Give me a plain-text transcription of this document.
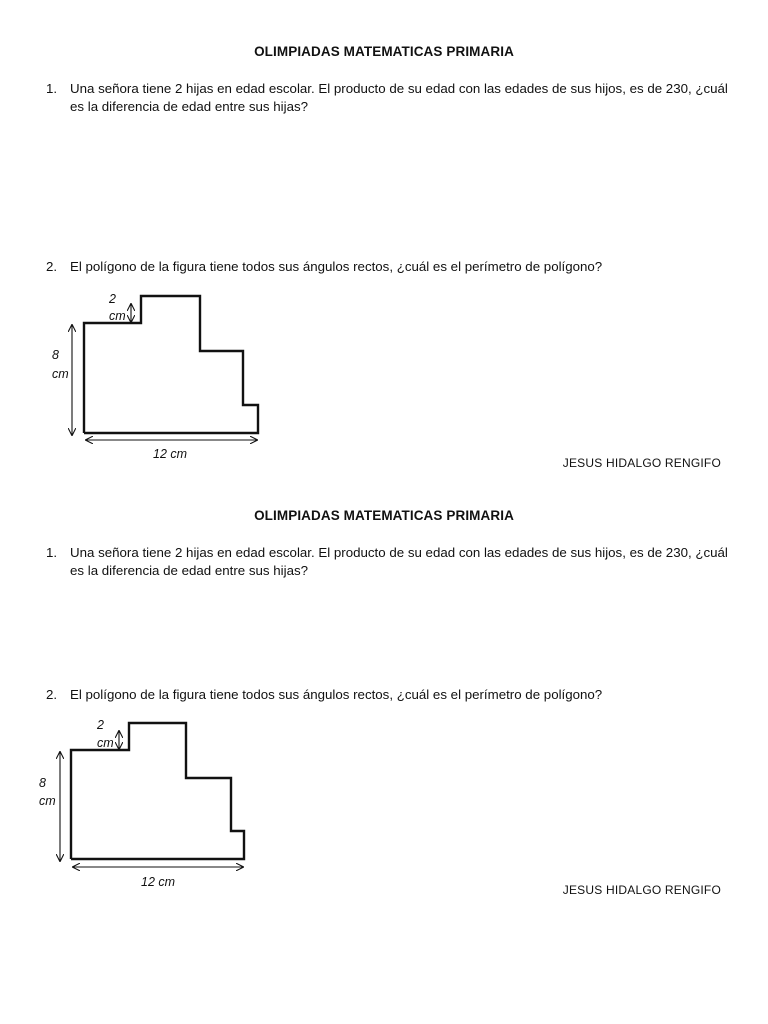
OLIMPIADAS MATEMATICAS PRIMARIA
1. Una señora tiene 2 hijas en edad escolar. El producto de su edad con las edades de sus hijos, es de 230, ¿cuál es la diferencia de edad entre sus hijas?
2. El polígono de la figura tiene todos sus ángulos rectos, ¿cuál es el perímetro de polígono?
2
cm
8
cm
12 cm
JESUS HIDALGO RENGIFO
OLIMPIADAS MATEMATICAS PRIMARIA
1. Una señora tiene 2 hijas en edad escolar. El producto de su edad con las edades de sus hijos, es de 230, ¿cuál es la diferencia de edad entre sus hijas?
2. El polígono de la figura tiene todos sus ángulos rectos, ¿cuál es el perímetro de polígono?
2
cm
8
cm
12 cm
JESUS HIDALGO RENGIFO
